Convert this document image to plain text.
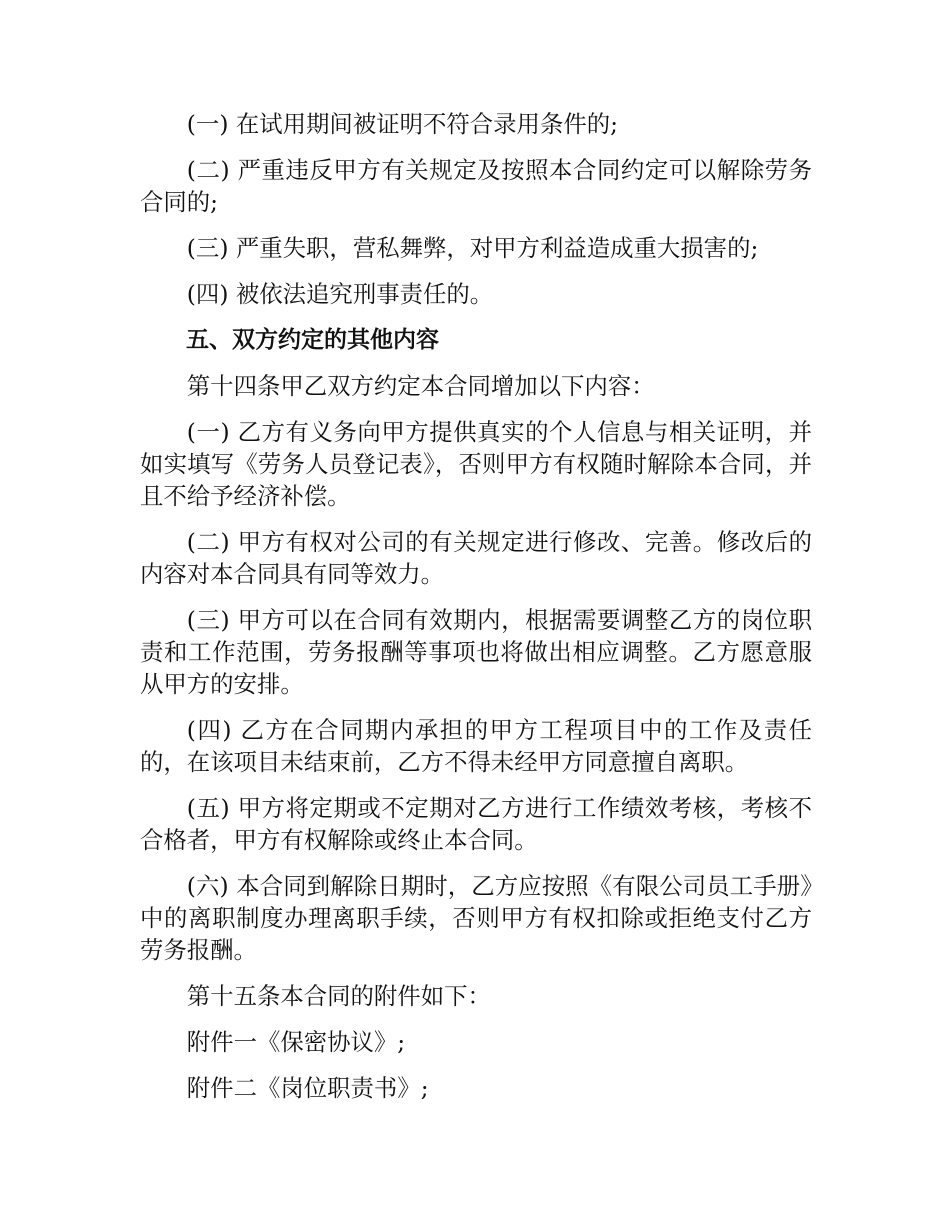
(一) 在试用期间被证明不符合录用条件的;

(二) 严重违反甲方有关规定及按照本合同约定可以解除劳务合同的;

(三) 严重失职，营私舞弊，对甲方利益造成重大损害的;

(四) 被依法追究刑事责任的。

五、双方约定的其他内容

第十四条甲乙双方约定本合同增加以下内容：

(一) 乙方有义务向甲方提供真实的个人信息与相关证明，并如实填写《劳务人员登记表》，否则甲方有权随时解除本合同，并且不给予经济补偿。

(二) 甲方有权对公司的有关规定进行修改、完善。修改后的内容对本合同具有同等效力。

(三) 甲方可以在合同有效期内，根据需要调整乙方的岗位职责和工作范围，劳务报酬等事项也将做出相应调整。乙方愿意服从甲方的安排。

(四) 乙方在合同期内承担的甲方工程项目中的工作及责任的，在该项目未结束前，乙方不得未经甲方同意擅自离职。

(五) 甲方将定期或不定期对乙方进行工作绩效考核，考核不合格者，甲方有权解除或终止本合同。

(六) 本合同到解除日期时，乙方应按照《有限公司员工手册》中的离职制度办理离职手续，否则甲方有权扣除或拒绝支付乙方劳务报酬。

第十五条本合同的附件如下：

附件一《保密协议》;

附件二《岗位职责书》;
